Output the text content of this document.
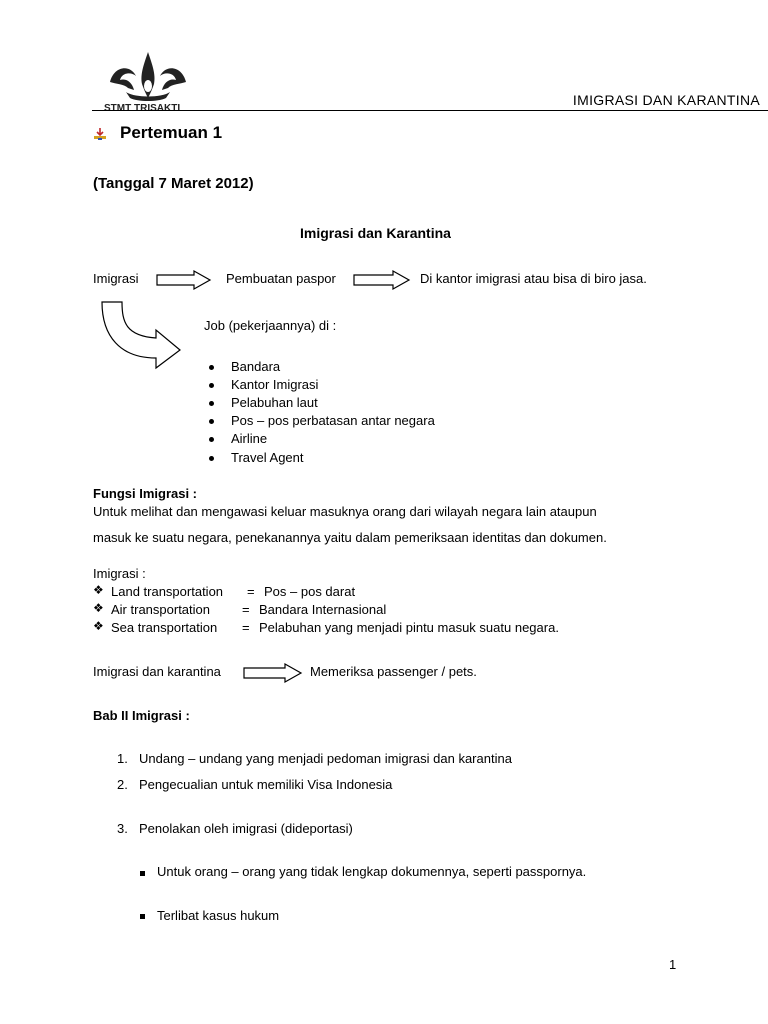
STMT TRISAKTI
IMIGRASI DAN KARANTINA
Pertemuan 1
(Tanggal 7 Maret 2012)
Imigrasi dan Karantina
Imigrasi	Pembuatan paspor	Di kantor imigrasi atau bisa di biro jasa.
Job (pekerjaannya) di :
Bandara
Kantor Imigrasi
Pelabuhan laut
Pos – pos perbatasan antar negara
Airline
Travel Agent
Fungsi Imigrasi :
Untuk melihat dan mengawasi keluar masuknya orang dari wilayah negara lain ataupun
masuk ke suatu negara, penekanannya yaitu dalam pemeriksaan identitas dan dokumen.
Imigrasi :
❖ Land transportation = Pos – pos darat
❖ Air transportation = Bandara Internasional
❖ Sea transportation = Pelabuhan yang menjadi pintu masuk suatu negara.
Imigrasi dan karantina	Memeriksa passenger / pets.
Bab II Imigrasi :
1. Undang – undang yang menjadi pedoman imigrasi dan karantina
2. Pengecualian untuk memiliki Visa Indonesia
3. Penolakan oleh imigrasi (dideportasi)
Untuk orang – orang yang tidak lengkap dokumennya, seperti passpornya.
Terlibat kasus hukum
1
